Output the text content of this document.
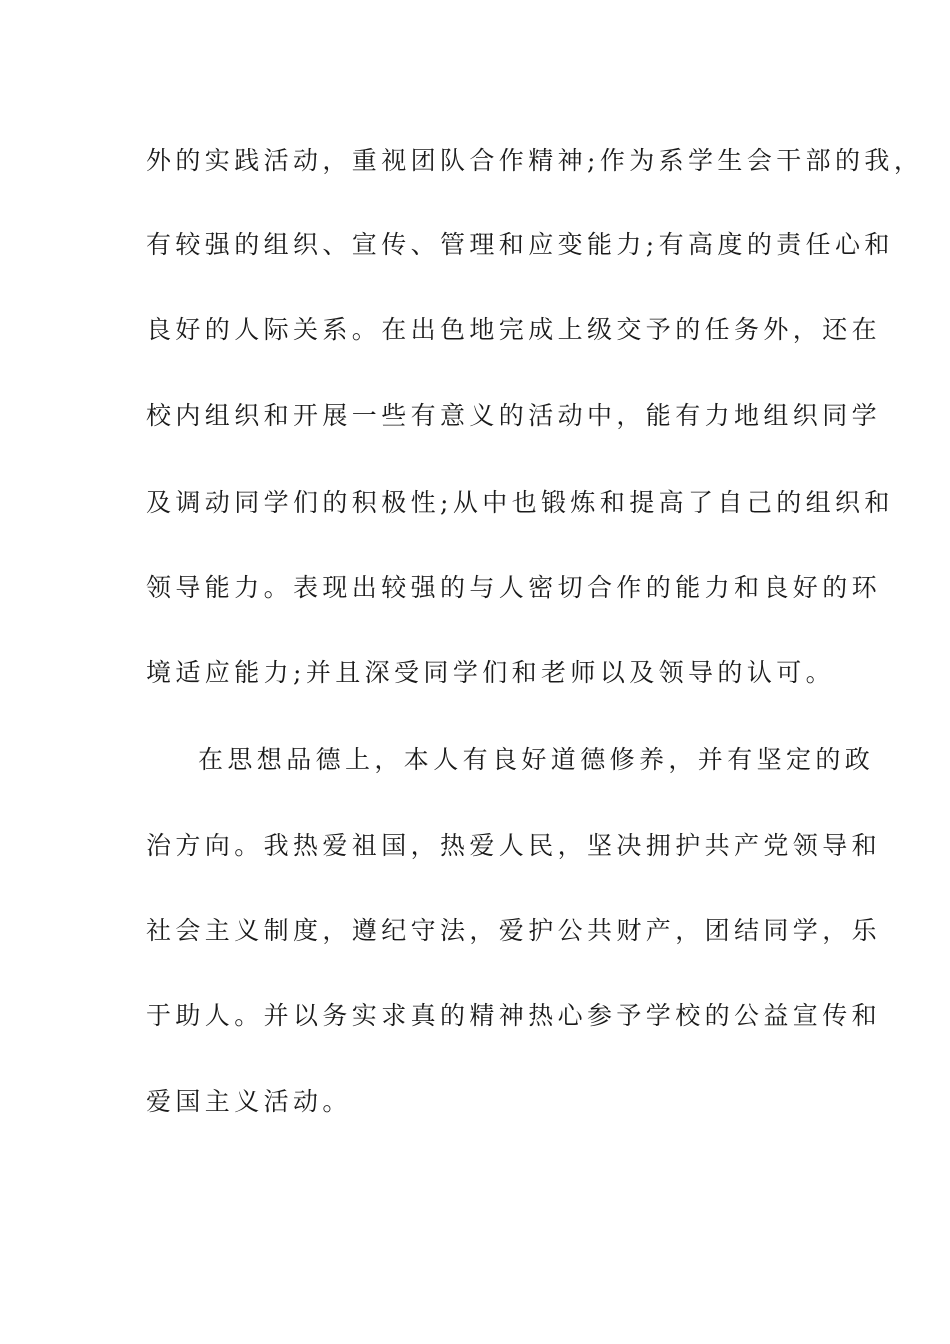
外的实践活动，重视团队合作精神;作为系学生会干部的我，
有较强的组织、宣传、管理和应变能力;有高度的责任心和
良好的人际关系。在出色地完成上级交予的任务外，还在
校内组织和开展一些有意义的活动中，能有力地组织同学
及调动同学们的积极性;从中也锻炼和提高了自己的组织和
领导能力。表现出较强的与人密切合作的能力和良好的环
境适应能力;并且深受同学们和老师以及领导的认可。
在思想品德上，本人有良好道德修养，并有坚定的政
治方向。我热爱祖国，热爱人民，坚决拥护共产党领导和
社会主义制度，遵纪守法，爱护公共财产，团结同学，乐
于助人。并以务实求真的精神热心参予学校的公益宣传和
爱国主义活动。
